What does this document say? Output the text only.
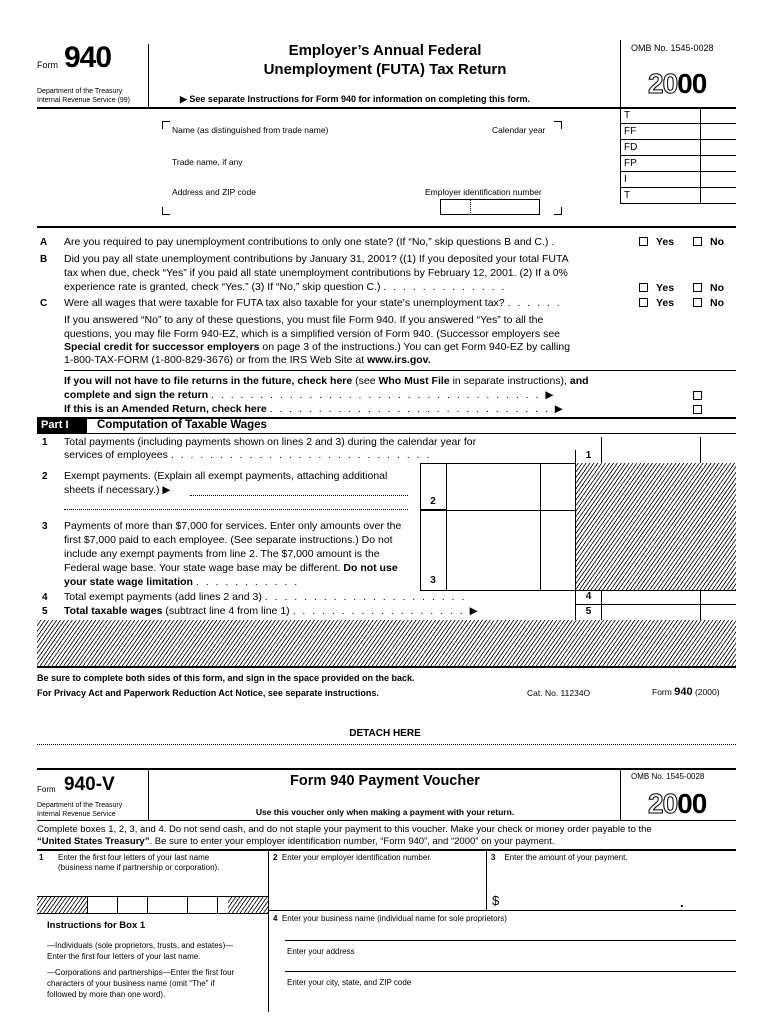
Form 940
Department of the Treasury
Internal Revenue Service (99)
Employer’s Annual Federal
Unemployment (FUTA) Tax Return
▶ See separate Instructions for Form 940 for information on completing this form.
OMB No. 1545-0028
2000
T
FF
FD
FP
I
T
Name (as distinguished from trade name)	Calendar year
Trade name, if any
Address and ZIP code	Employer identification number
A Are you required to pay unemployment contributions to only one state? (If “No,” skip questions B and C.) .	Yes	No
B Did you pay all state unemployment contributions by January 31, 2001? ((1) If you deposited your total FUTA
tax when due, check “Yes” if you paid all state unemployment contributions by February 12, 2001. (2) If a 0%
experience rate is granted, check “Yes.” (3) If “No,” skip question C.) . . . . . . . . . . . . .	Yes	No
C Were all wages that were taxable for FUTA tax also taxable for your state’s unemployment tax? . . . . . .	Yes	No
If you answered “No” to any of these questions, you must file Form 940. If you answered “Yes” to all the
questions, you may file Form 940-EZ, which is a simplified version of Form 940. (Successor employers see
Special credit for successor employers on page 3 of the instructions.) You can get Form 940-EZ by calling
1-800-TAX-FORM (1-800-829-3676) or from the IRS Web Site at www.irs.gov.
If you will not have to file returns in the future, check here (see Who Must File in separate instructions), and
complete and sign the return . . . . . . . . . . . . . . . . . . . . . . . . . . . . . . . . . . ▶
If this is an Amended Return, check here . . . . . . . . . . . . . . . . . . . . . . . . . . . . . ▶
Part I	Computation of Taxable Wages
1 Total payments (including payments shown on lines 2 and 3) during the calendar year for
services of employees . . . . . . . . . . . . . . . . . . . . . . . . . . .	1
2 Exempt payments. (Explain all exempt payments, attaching additional
sheets if necessary.) ▶
2
3 Payments of more than $7,000 for services. Enter only amounts over the
first $7,000 paid to each employee. (See separate instructions.) Do not
include any exempt payments from line 2. The $7,000 amount is the
Federal wage base. Your state wage base may be different. Do not use
your state wage limitation . . . . . . . . . . .	3
4 Total exempt payments (add lines 2 and 3) . . . . . . . . . . . . . . . . . . . . .	4
5 Total taxable wages (subtract line 4 from line 1) . . . . . . . . . . . . . . . . . . ▶	5
Be sure to complete both sides of this form, and sign in the space provided on the back.
For Privacy Act and Paperwork Reduction Act Notice, see separate instructions.	Cat. No. 11234O	Form 940 (2000)
DETACH HERE
Form 940-V
Department of the Treasury
Internal Revenue Service
Form 940 Payment Voucher
Use this voucher only when making a payment with your return.
OMB No. 1545-0028
2000
Complete boxes 1, 2, 3, and 4. Do not send cash, and do not staple your payment to this voucher. Make your check or money order payable to the
“United States Treasury”. Be sure to enter your employer identification number, “Form 940”, and “2000” on your payment.
1 Enter the first four letters of your last name
(business name if partnership or corporation).
Instructions for Box 1
—Individuals (sole proprietors, trusts, and estates)—
Enter the first four letters of your last name.
—Corporations and partnerships—Enter the first four
characters of your business name (omit “The” if
followed by more than one word).
2 Enter your employer identification number.	3 Enter the amount of your payment.
$	.
4 Enter your business name (individual name for sole proprietors)
Enter your address
Enter your city, state, and ZIP code
